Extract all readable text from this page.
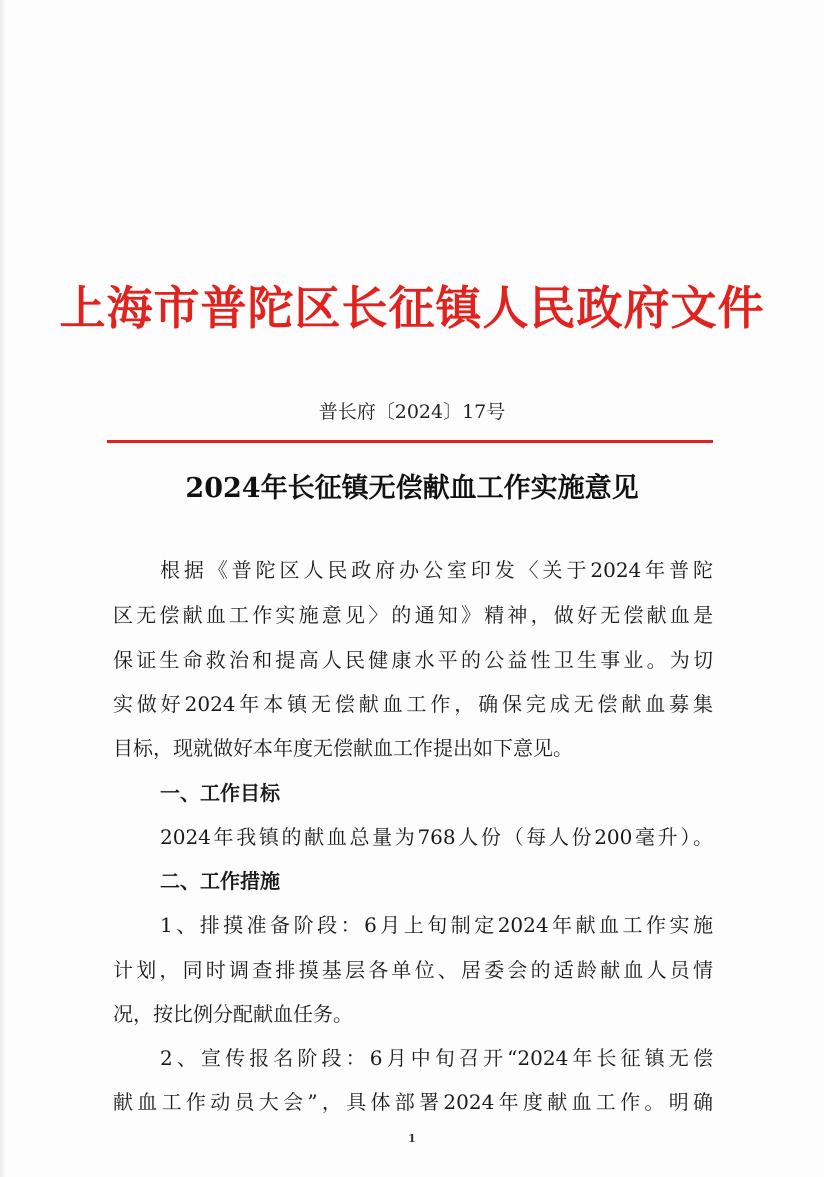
上海市普陀区长征镇人民政府文件
普长府〔2024〕17号
2024年长征镇无偿献血工作实施意见
根据《普陀区人民政府办公室印发〈关于2024年普陀
区无偿献血工作实施意见〉的通知》精神，做好无偿献血是
保证生命救治和提高人民健康水平的公益性卫生事业。为切
实做好2024年本镇无偿献血工作，确保完成无偿献血募集
目标，现就做好本年度无偿献血工作提出如下意见。
一、工作目标
2024年我镇的献血总量为768人份（每人份200毫升）。
二、工作措施
1、排摸准备阶段：6月上旬制定2024年献血工作实施
计划，同时调查排摸基层各单位、居委会的适龄献血人员情
况，按比例分配献血任务。
2、宣传报名阶段：6月中旬召开“2024年长征镇无偿
献血工作动员大会”，具体部署2024年度献血工作。明确
1
